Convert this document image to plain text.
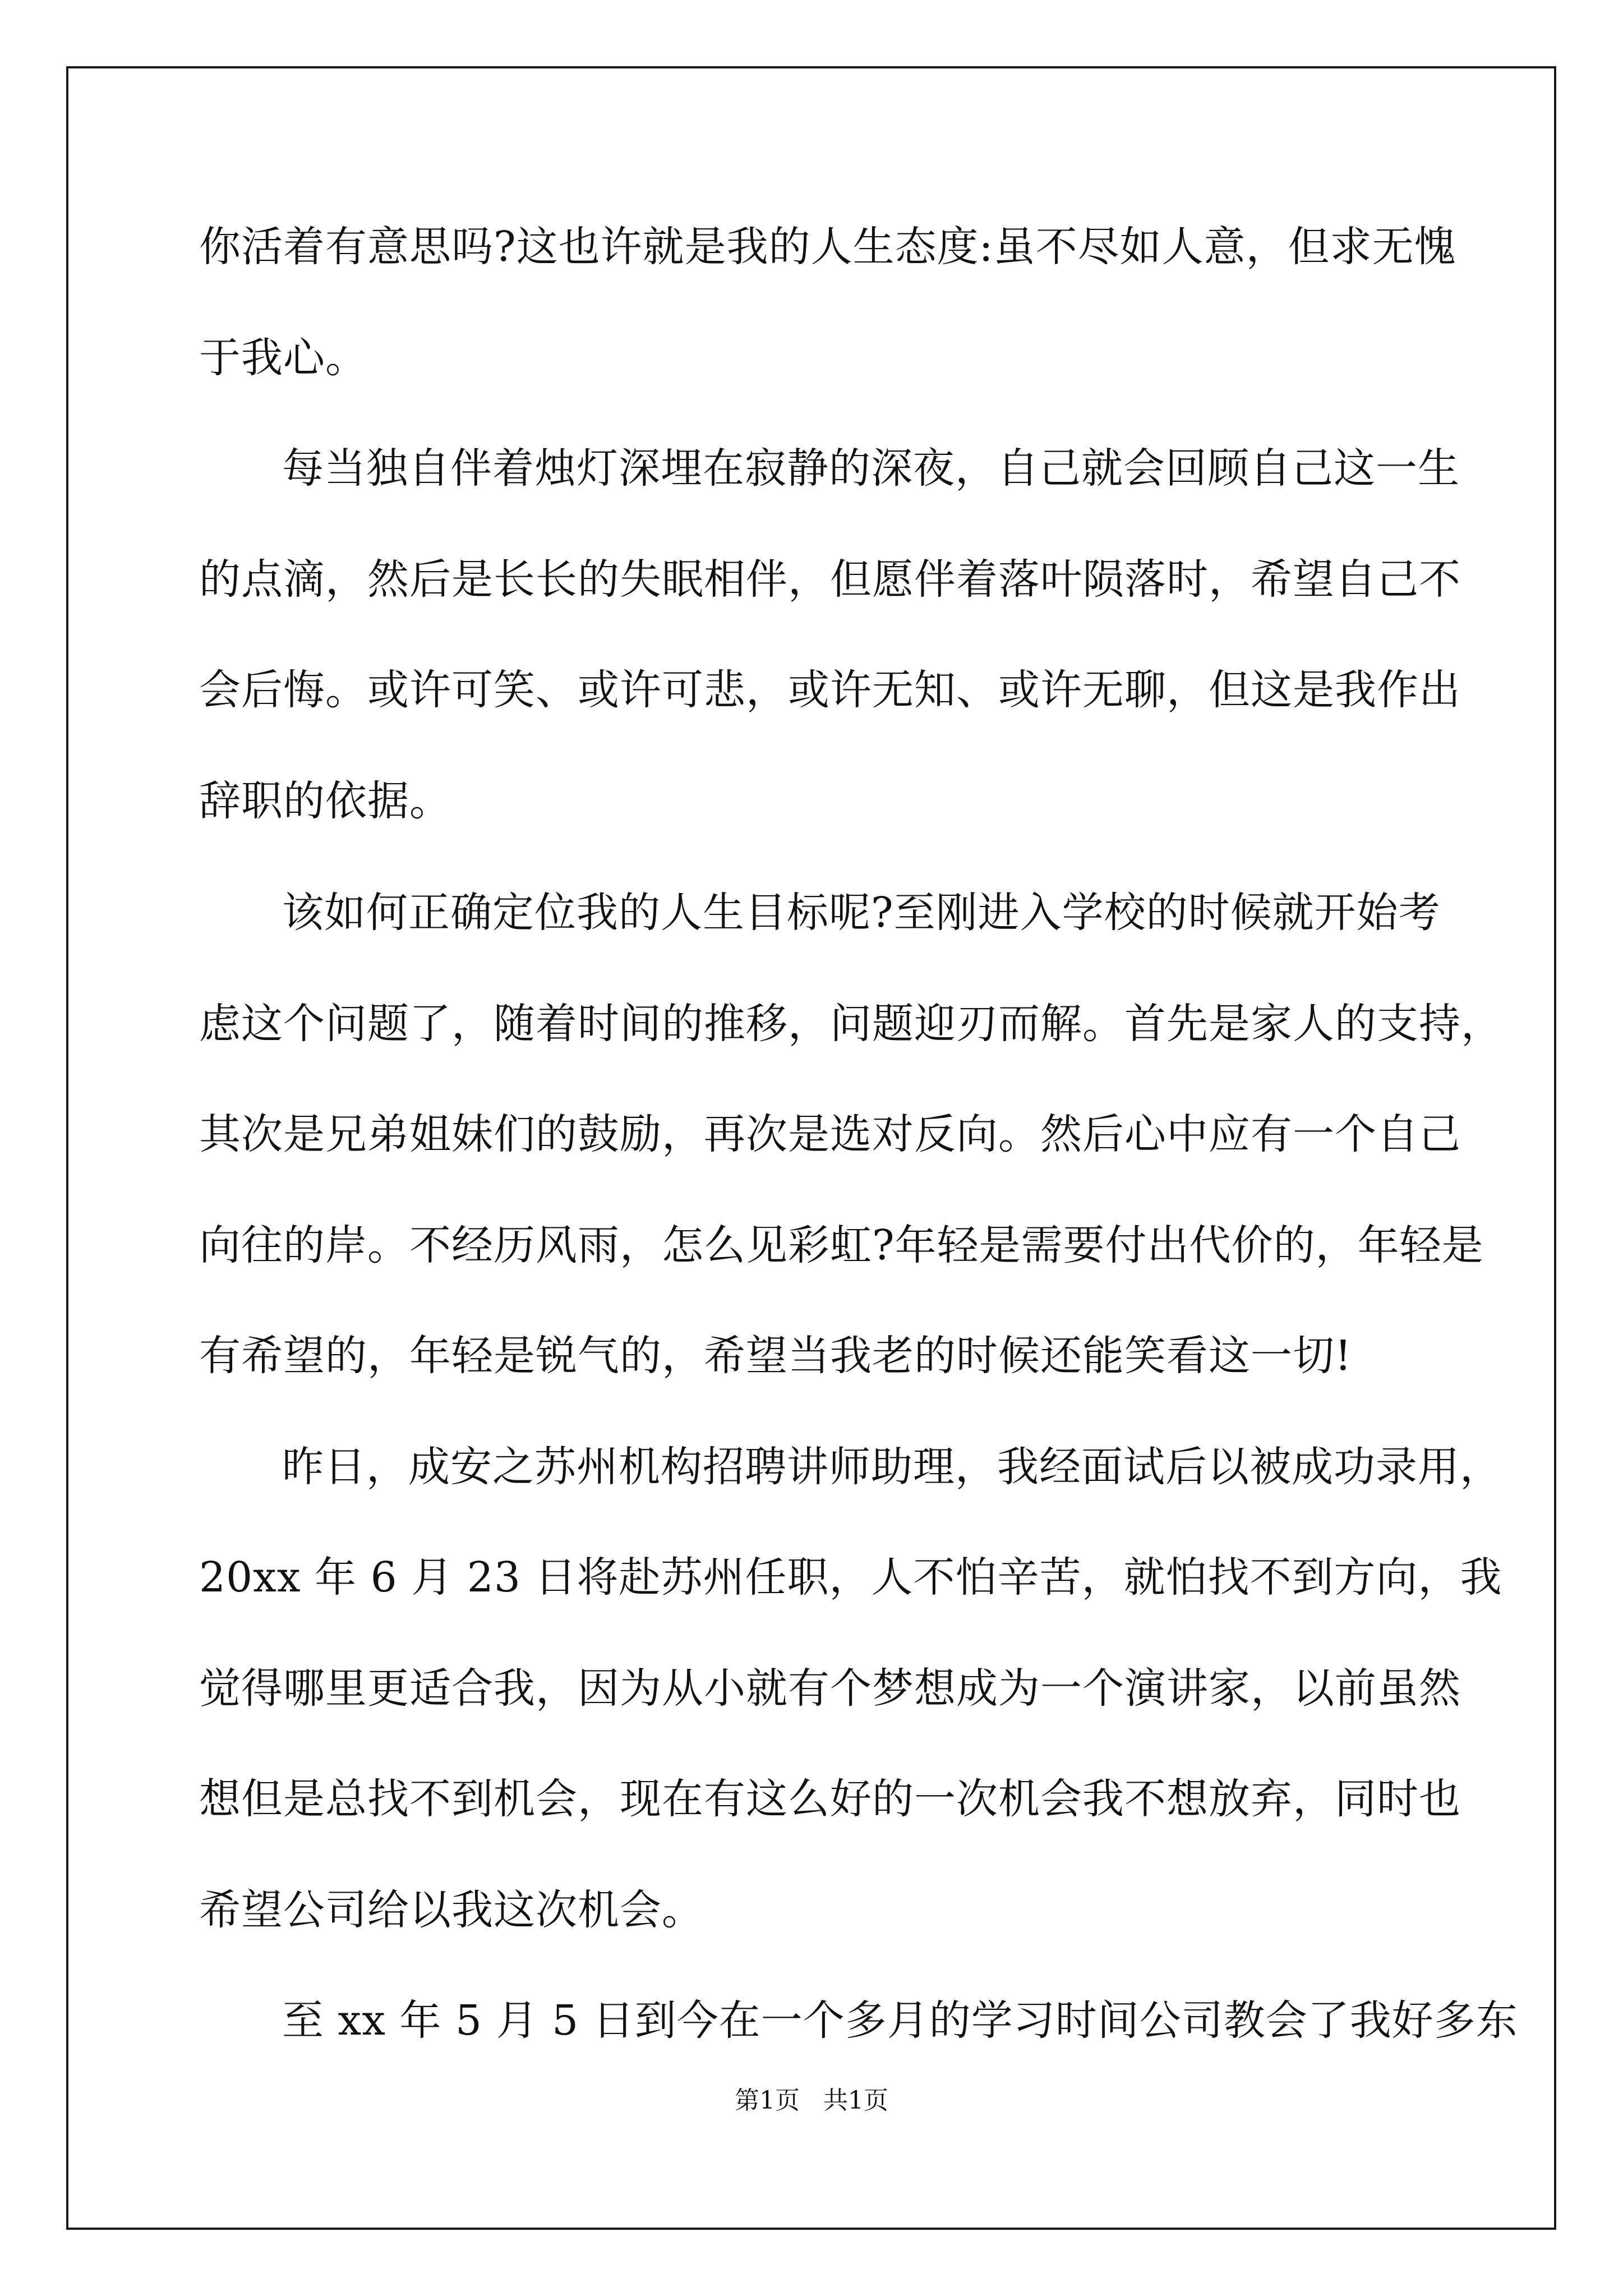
你活着有意思吗?这也许就是我的人生态度:虽不尽如人意，但求无愧

于我心。

每当独自伴着烛灯深埋在寂静的深夜，自己就会回顾自己这一生

的点滴，然后是长长的失眠相伴，但愿伴着落叶陨落时，希望自己不

会后悔。或许可笑、或许可悲，或许无知、或许无聊，但这是我作出

辞职的依据。

该如何正确定位我的人生目标呢?至刚进入学校的时候就开始考

虑这个问题了，随着时间的推移，问题迎刃而解。首先是家人的支持，

其次是兄弟姐妹们的鼓励，再次是选对反向。然后心中应有一个自己

向往的岸。不经历风雨，怎么见彩虹?年轻是需要付出代价的，年轻是

有希望的，年轻是锐气的，希望当我老的时候还能笑看这一切!

昨日，成安之苏州机构招聘讲师助理，我经面试后以被成功录用，

20xx 年 6 月 23 日将赴苏州任职，人不怕辛苦，就怕找不到方向，我

觉得哪里更适合我，因为从小就有个梦想成为一个演讲家，以前虽然

想但是总找不到机会，现在有这么好的一次机会我不想放弃，同时也

希望公司给以我这次机会。

至 xx 年 5 月 5 日到今在一个多月的学习时间公司教会了我好多东

第1页   共1页
